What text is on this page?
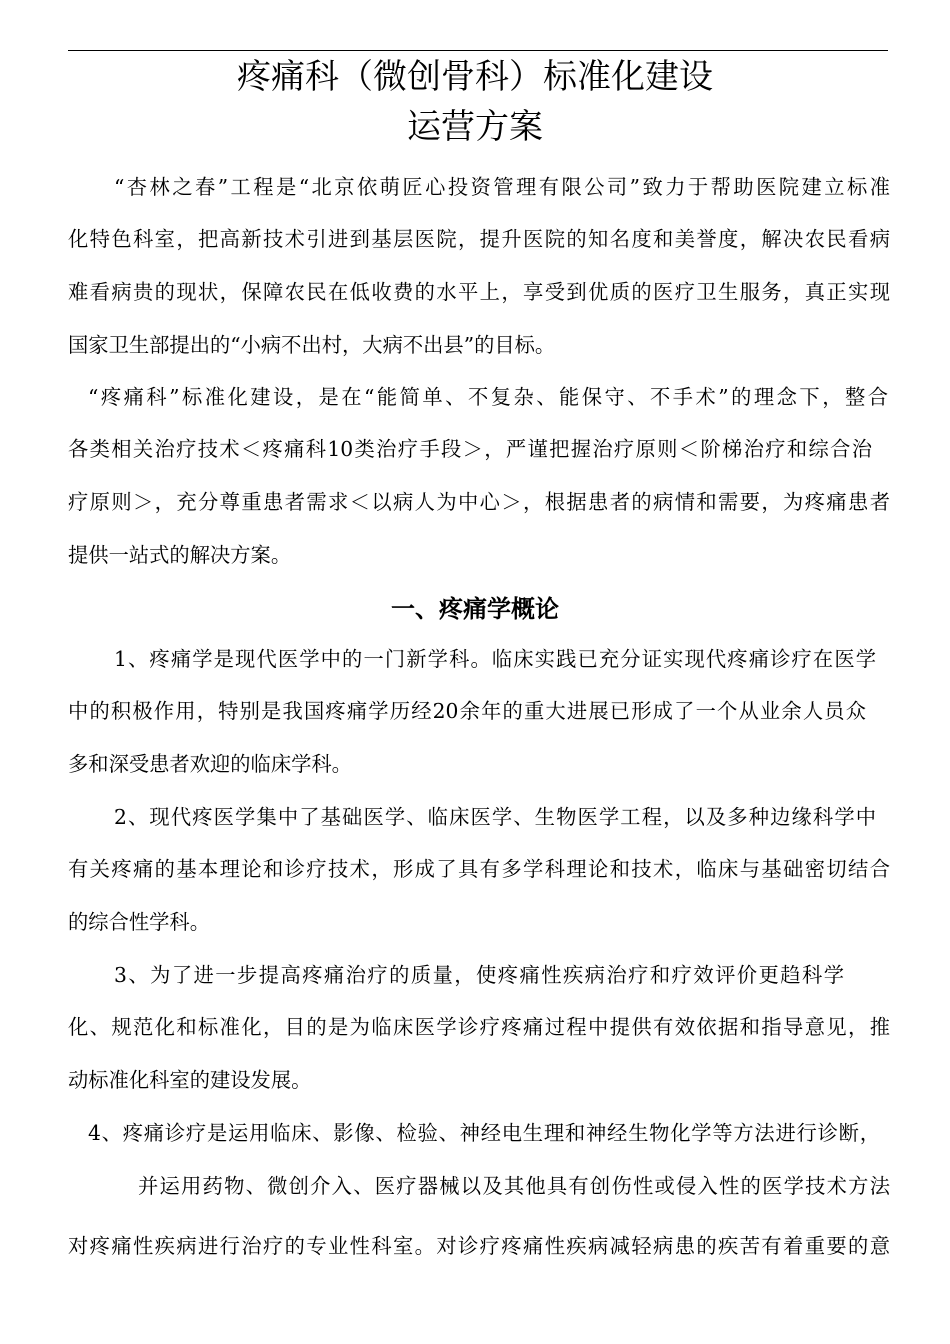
疼痛科（微创骨科）标准化建设
运营方案
“杏林之春”工程是“北京依萌匠心投资管理有限公司”致力于帮助医院建立标准
化特色科室，把高新技术引进到基层医院，提升医院的知名度和美誉度，解决农民看病
难看病贵的现状，保障农民在低收费的水平上，享受到优质的医疗卫生服务，真正实现
国家卫生部提出的“小病不出村，大病不出县”的目标。
“疼痛科”标准化建设，是在“能简单、不复杂、能保守、不手术”的理念下，整合
各类相关治疗技术＜疼痛科10类治疗手段＞，严谨把握治疗原则＜阶梯治疗和综合治
疗原则＞，充分尊重患者需求＜以病人为中心＞，根据患者的病情和需要，为疼痛患者
提供一站式的解决方案。
一、疼痛学概论
1、疼痛学是现代医学中的一门新学科。临床实践已充分证实现代疼痛诊疗在医学
中的积极作用，特别是我国疼痛学历经20余年的重大进展已形成了一个从业余人员众
多和深受患者欢迎的临床学科。
2、现代疼医学集中了基础医学、临床医学、生物医学工程，以及多种边缘科学中
有关疼痛的基本理论和诊疗技术，形成了具有多学科理论和技术，临床与基础密切结合
的综合性学科。
3、为了进一步提高疼痛治疗的质量，使疼痛性疾病治疗和疗效评价更趋科学
化、规范化和标准化，目的是为临床医学诊疗疼痛过程中提供有效依据和指导意见，推
动标准化科室的建设发展。
4、疼痛诊疗是运用临床、影像、检验、神经电生理和神经生物化学等方法进行诊断，
并运用药物、微创介入、医疗器械以及其他具有创伤性或侵入性的医学技术方法
对疼痛性疾病进行治疗的专业性科室。对诊疗疼痛性疾病减轻病患的疾苦有着重要的意
